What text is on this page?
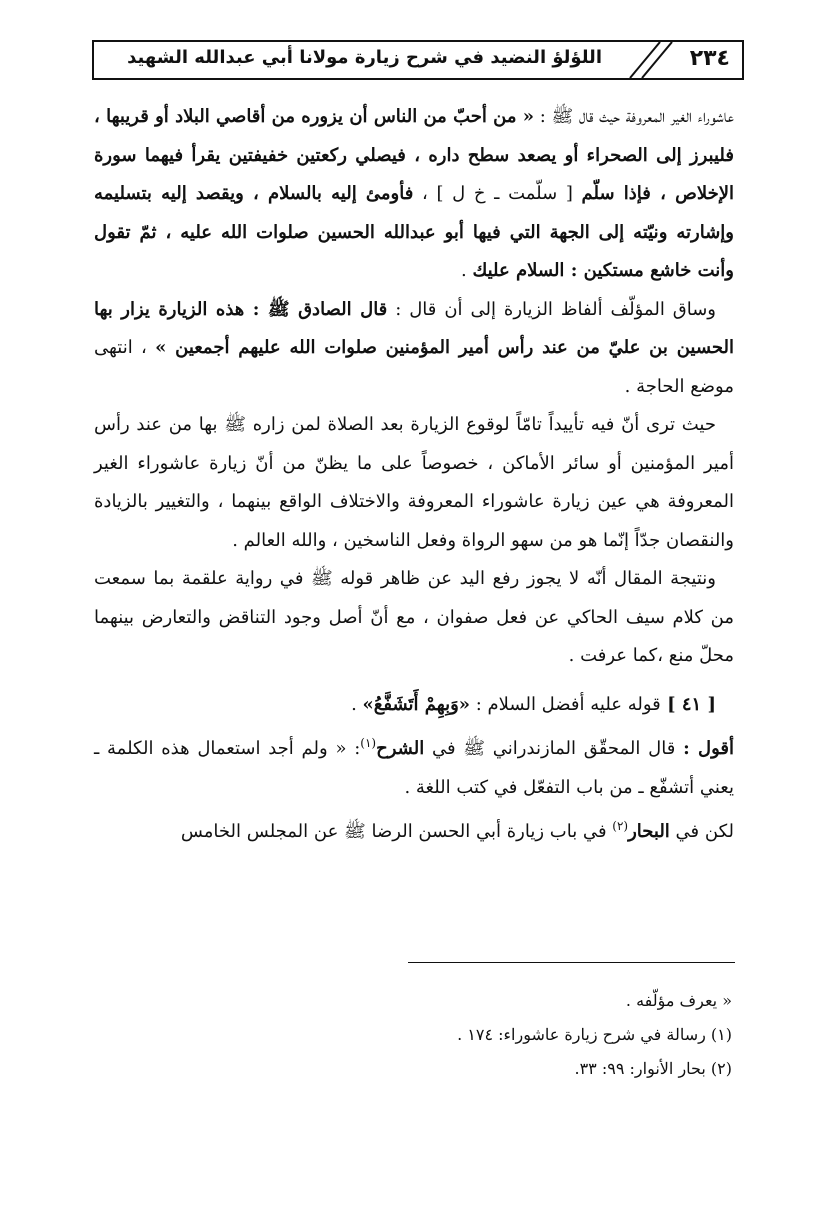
اللؤلؤ النضيد في شرح زيارة مولانا أبي عبدالله الشهيد	٢٣٤

عاشوراء الغير المعروفة حيث قال ﷺ : « من أحبّ من الناس أن يزوره من أقاصي البلاد أو قريبها ، فليبرز إلى الصحراء أو يصعد سطح داره ، فيصلي ركعتين خفيفتين يقرأ فيهما سورة الإخلاص ، فإذا سلّم [ سلّمت ـ خ ل ] ، فأومئ إليه بالسلام ، ويقصد إليه بتسليمه وإشارته ونيّته إلى الجهة التي فيها أبو عبدالله الحسين صلوات الله عليه ، ثمّ تقول وأنت خاشع مستكين : السلام عليك .

وساق المؤلّف ألفاظ الزيارة إلى أن قال : قال الصادق ﷺ : هذه الزيارة يزار بها الحسين بن عليّ من عند رأس أمير المؤمنين صلوات الله عليهم أجمعين » ، انتهى موضع الحاجة .

حيث ترى أنّ فيه تأييداً تامّاً لوقوع الزيارة بعد الصلاة لمن زاره ﷺ بها من عند رأس أمير المؤمنين أو سائر الأماكن ، خصوصاً على ما يظنّ من أنّ زيارة عاشوراء الغير المعروفة هي عين زيارة عاشوراء المعروفة والاختلاف الواقع بينهما ، والتغيير بالزيادة والنقصان جدّاً إنّما هو من سهو الرواة وفعل الناسخين ، والله العالم .

ونتيجة المقال أنّه لا يجوز رفع اليد عن ظاهر قوله ﷺ في رواية علقمة بما سمعت من كلام سيف الحاكي عن فعل صفوان ، مع أنّ أصل وجود التناقض والتعارض بينهما محلّ منع ،كما عرفت .

[ ٤١ ] قوله عليه أفضل السلام : «وَبِهِمْ أَتَشَفَّعُ» .

أقول : قال المحقّق المازندراني ﷺ في الشرح$^{(١)}$: « ولم أجد استعمال هذه الكلمة ـ يعني أتشفّع ـ من باب التفعّل في كتب اللغة .

لكن في البحار$^{(٢)}$ في باب زيارة أبي الحسن الرضا ﷺ عن المجلس الخامس

« يعرف مؤلّفه .

(١) رسالة في شرح زيارة عاشوراء: ١٧٤ .

(٢) بحار الأنوار: ٩٩: ٣٣.
